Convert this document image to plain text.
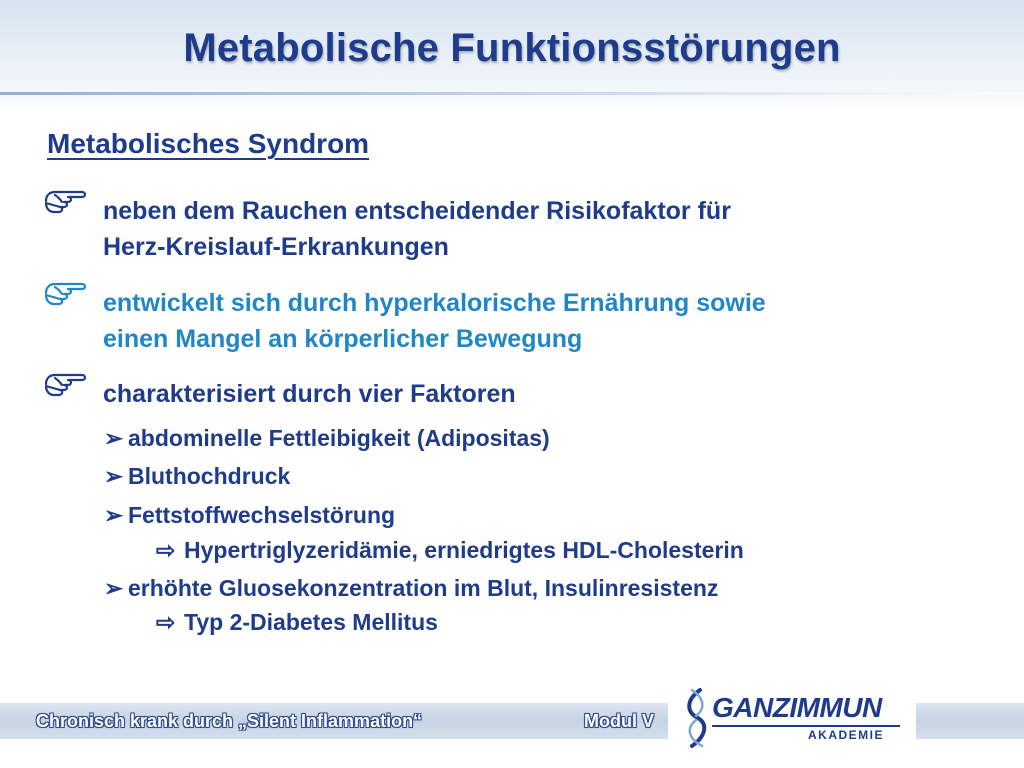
Metabolische Funktionsstörungen
Metabolisches Syndrom
neben dem Rauchen entscheidender Risikofaktor für
Herz-Kreislauf-Erkrankungen
entwickelt sich durch hyperkalorische Ernährung sowie
einen Mangel an körperlicher Bewegung
charakterisiert durch vier Faktoren
➢ abdominelle Fettleibigkeit (Adipositas)
➢ Bluthochdruck
➢ Fettstoffwechselstörung
⇨ Hypertriglyzeridämie, erniedrigtes HDL-Cholesterin
➢ erhöhte Gluosekonzentration im Blut, Insulinresistenz
⇨ Typ 2-Diabetes Mellitus
Chronisch krank durch „Silent Inflammation“	Modul V GANZIMMUN
AKADEMIE
